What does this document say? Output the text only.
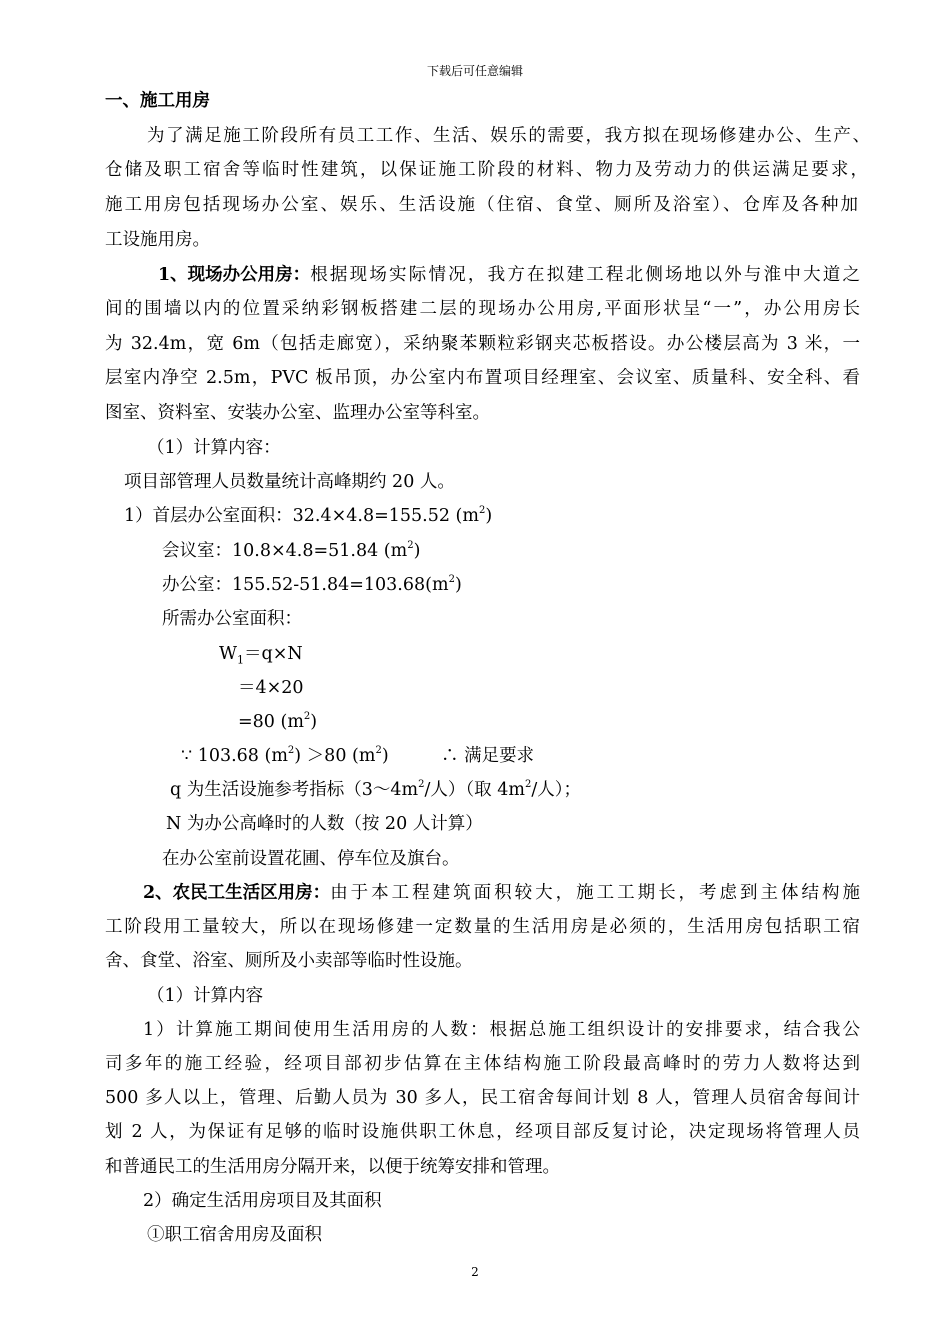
下载后可任意编辑
一、施工用房
为了满足施工阶段所有员工工作、生活、娱乐的需要，我方拟在现场修建办公、生产、
仓储及职工宿舍等临时性建筑，以保证施工阶段的材料、物力及劳动力的供运满足要求，
施工用房包括现场办公室、娱乐、生活设施（住宿、食堂、厕所及浴室）、仓库及各种加
工设施用房。
1、现场办公用房： 根据现场实际情况，我方在拟建工程北侧场地以外与淮中大道之
间的围墙以内的位置采纳彩钢板搭建二层的现场办公用房,平面形状呈“一”，办公用房长
为 32.4m，宽 6m（包括走廊宽），采纳聚苯颗粒彩钢夹芯板搭设。办公楼层高为 3 米，一
层室内净空 2.5m，PVC 板吊顶，办公室内布置项目经理室、会议室、质量科、安全科、看
图室、资料室、安装办公室、监理办公室等科室。
（1）计算内容：
项目部管理人员数量统计高峰期约 20 人。
1）首层办公室面积：32.4×4.8=155.52 $(m^2)$
会议室：10.8×4.8=51.84 $(m^2)$
办公室：$155.52-51.84=103.68(m^2)$
所需办公室面积：
$W_1=q\times N$
＝4×20
=80 $(m^2)$
∵ 103.68 $(m^2) >80$ $(m^2)$	∴ 满足要求
q 为生活设施参考指标（$3\sim 4m^2/$人）（取 $4m^2/$人）；
N 为办公高峰时的人数（按 20 人计算）
在办公室前设置花圃、停车位及旗台。
2、农民工生活区用房： 由于本工程建筑面积较大，施工工期长，考虑到主体结构施
工阶段用工量较大，所以在现场修建一定数量的生活用房是必须的，生活用房包括职工宿
舍、食堂、浴室、厕所及小卖部等临时性设施。
（1）计算内容
1）计算施工期间使用生活用房的人数：根据总施工组织设计的安排要求，结合我公
司多年的施工经验，经项目部初步估算在主体结构施工阶段最高峰时的劳力人数将达到
500 多人以上，管理、后勤人员为 30 多人，民工宿舍每间计划 8 人，管理人员宿舍每间计
划 2 人，为保证有足够的临时设施供职工休息，经项目部反复讨论，决定现场将管理人员
和普通民工的生活用房分隔开来，以便于统筹安排和管理。
2）确定生活用房项目及其面积
①职工宿舍用房及面积
2
